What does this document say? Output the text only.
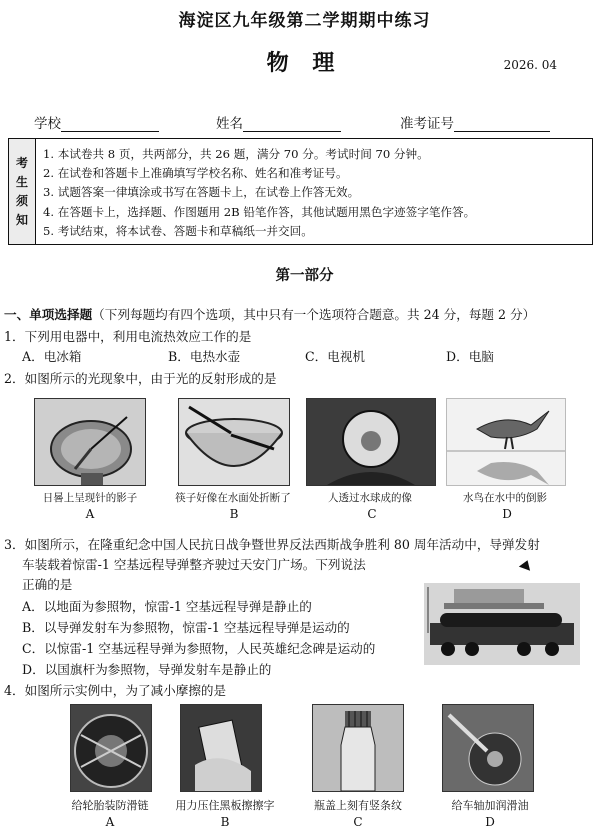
海淀区九年级第二学期期中练习
物 理	2026. 04
学校	姓名	准考证号
考
生
须
知
1. 本试卷共 8 页，共两部分，共 26 题，满分 70 分。考试时间 70 分钟。
2. 在试卷和答题卡上准确填写学校名称、姓名和准考证号。
3. 试题答案一律填涂或书写在答题卡上，在试卷上作答无效。
4. 在答题卡上，选择题、作图题用 2B 铅笔作答，其他试题用黑色字迹签字笔作答。
5. 考试结束，将本试卷、答题卡和草稿纸一并交回。
第一部分
一、单项选择题（下列每题均有四个选项，其中只有一个选项符合题意。共 24 分，每题 2 分）
1．下列用电器中，利用电流热效应工作的是
A．电冰箱	B．电热水壶	C．电视机	D．电脑
2．如图所示的光现象中，由于光的反射形成的是
日晷上呈现针的影子	筷子好像在水面处折断了	人透过水球成的像	水鸟在水中的倒影
A	B	C	D
3．如图所示，在隆重纪念中国人民抗日战争暨世界反法西斯战争胜利 80 周年活动中，导弹发射
车装载着惊雷-1 空基远程导弹整齐驶过天安门广场。下列说法
正确的是
A．以地面为参照物，惊雷-1 空基远程导弹是静止的
B．以导弹发射车为参照物，惊雷-1 空基远程导弹是运动的
C．以惊雷-1 空基远程导弹为参照物，人民英雄纪念碑是运动的
D．以国旗杆为参照物，导弹发射车是静止的
4．如图所示实例中，为了减小摩擦的是
给轮胎装防滑链	用力压住黑板擦擦字	瓶盖上刻有竖条纹	给车轴加润滑油
A	B	C	D
